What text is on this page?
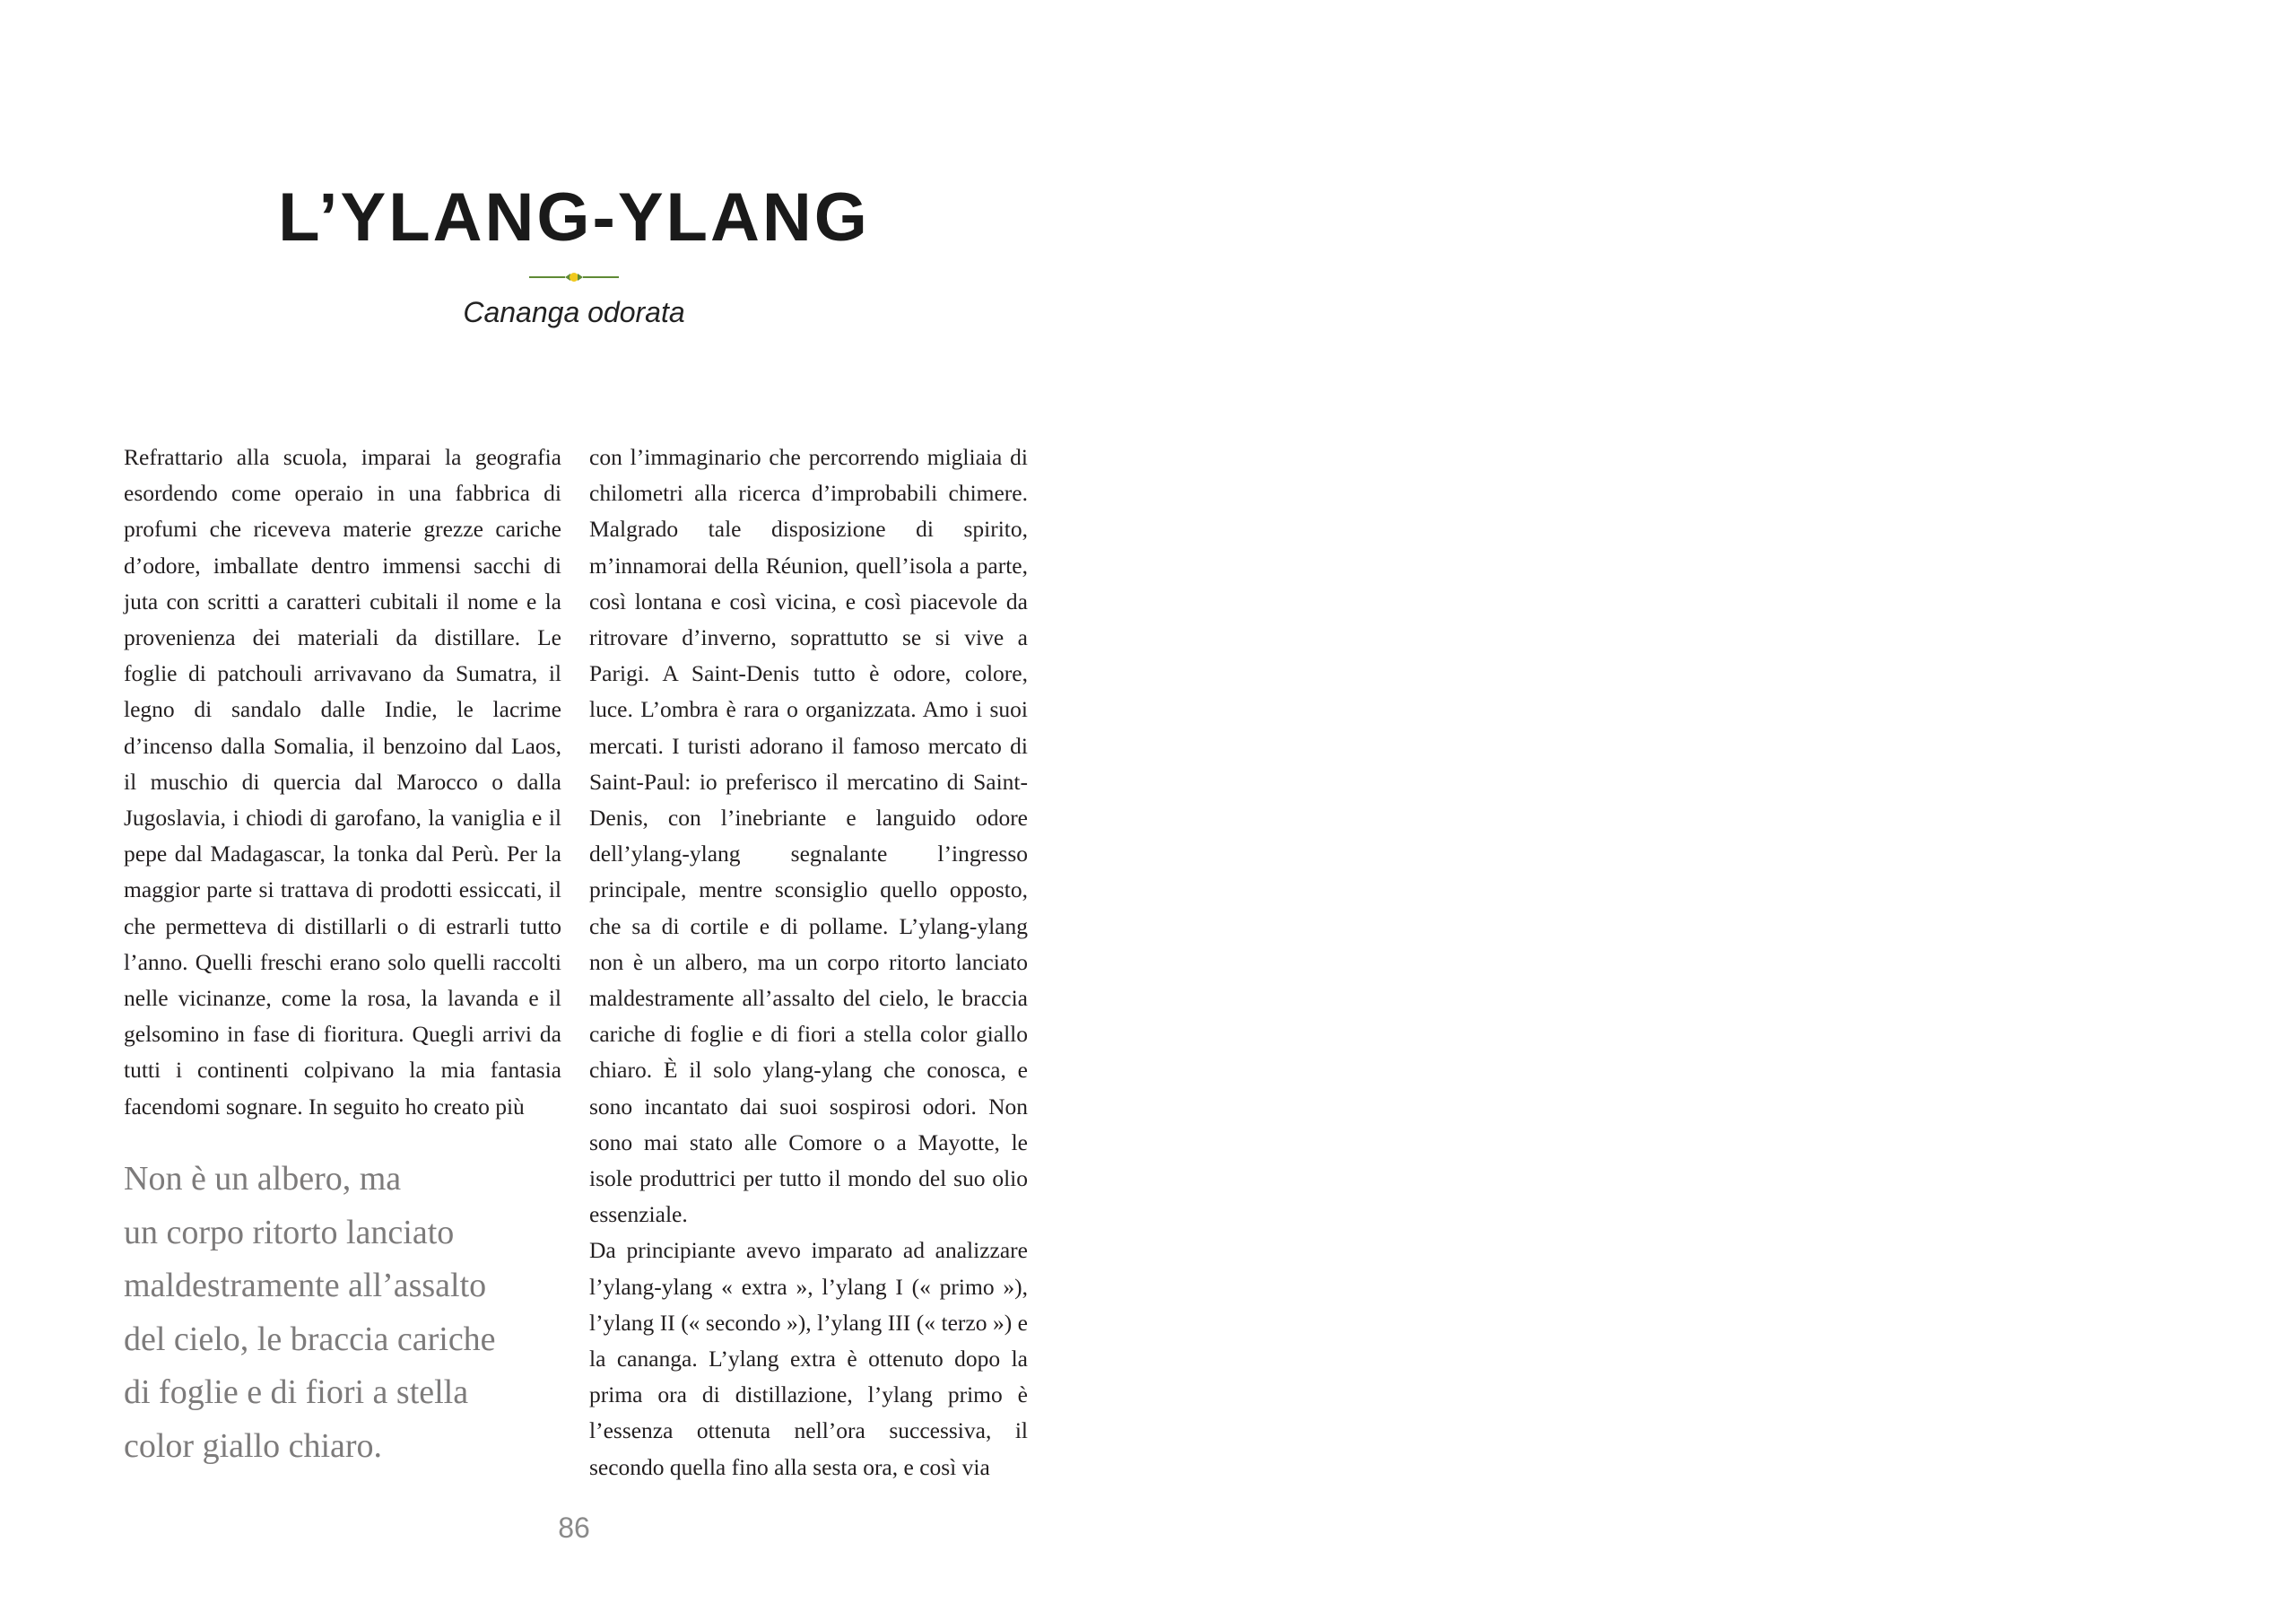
L’YLANG-YLANG
Cananga odorata

Refrattario alla scuola, imparai la geografia esordendo come operaio in una fabbrica di profumi che riceveva materie grezze cariche d’odore, imballate dentro immensi sacchi di juta con scritti a caratteri cubitali il nome e la provenienza dei materiali da distillare. Le foglie di patchouli arrivavano da Sumatra, il legno di sandalo dalle Indie, le lacrime d’incenso dalla Somalia, il benzoino dal Laos, il muschio di quercia dal Marocco o dalla Jugoslavia, i chiodi di garofano, la vaniglia e il pepe dal Madagascar, la tonka dal Perù. Per la maggior parte si trattava di prodotti essiccati, il che permetteva di distillarli o di estrarli tutto l’anno. Quelli freschi erano solo quelli raccolti nelle vicinanze, come la rosa, la lavanda e il gelsomino in fase di fioritura. Quegli arrivi da tutti i continenti colpivano la mia fantasia facendomi sognare. In seguito ho creato più

con l’immaginario che percorrendo migliaia di chilometri alla ricerca d’improbabili chimere. Malgrado tale disposizione di spirito, m’innamorai della Réunion, quell’isola a parte, così lontana e così vicina, e così piacevole da ritrovare d’inverno, soprattutto se si vive a Parigi. A Saint-Denis tutto è odore, colore, luce. L’ombra è rara o organizzata. Amo i suoi mercati. I turisti adorano il famoso mercato di Saint-Paul: io preferisco il mercatino di Saint-Denis, con l’inebriante e languido odore dell’ylang-ylang segnalante l’ingresso principale, mentre sconsiglio quello opposto, che sa di cortile e di pollame. L’ylang-ylang non è un albero, ma un corpo ritorto lanciato maldestramente all’assalto del cielo, le braccia cariche di foglie e di fiori a stella color giallo chiaro. È il solo ylang-ylang che conosca, e sono incantato dai suoi sospirosi odori. Non sono mai stato alle Comore o a Mayotte, le isole produttrici per tutto il mondo del suo olio essenziale.

Da principiante avevo imparato ad analizzare l’ylang-ylang « extra », l’ylang I (« primo »), l’ylang II (« secondo »), l’ylang III (« terzo ») e la cananga. L’ylang extra è ottenuto dopo la prima ora di distillazione, l’ylang primo è l’essenza ottenuta nell’ora successiva, il secondo quella fino alla sesta ora, e così via

Non è un albero, ma
un corpo ritorto lanciato
maldestramente all’assalto
del cielo, le braccia cariche
di foglie e di fiori a stella
color giallo chiaro.
86
